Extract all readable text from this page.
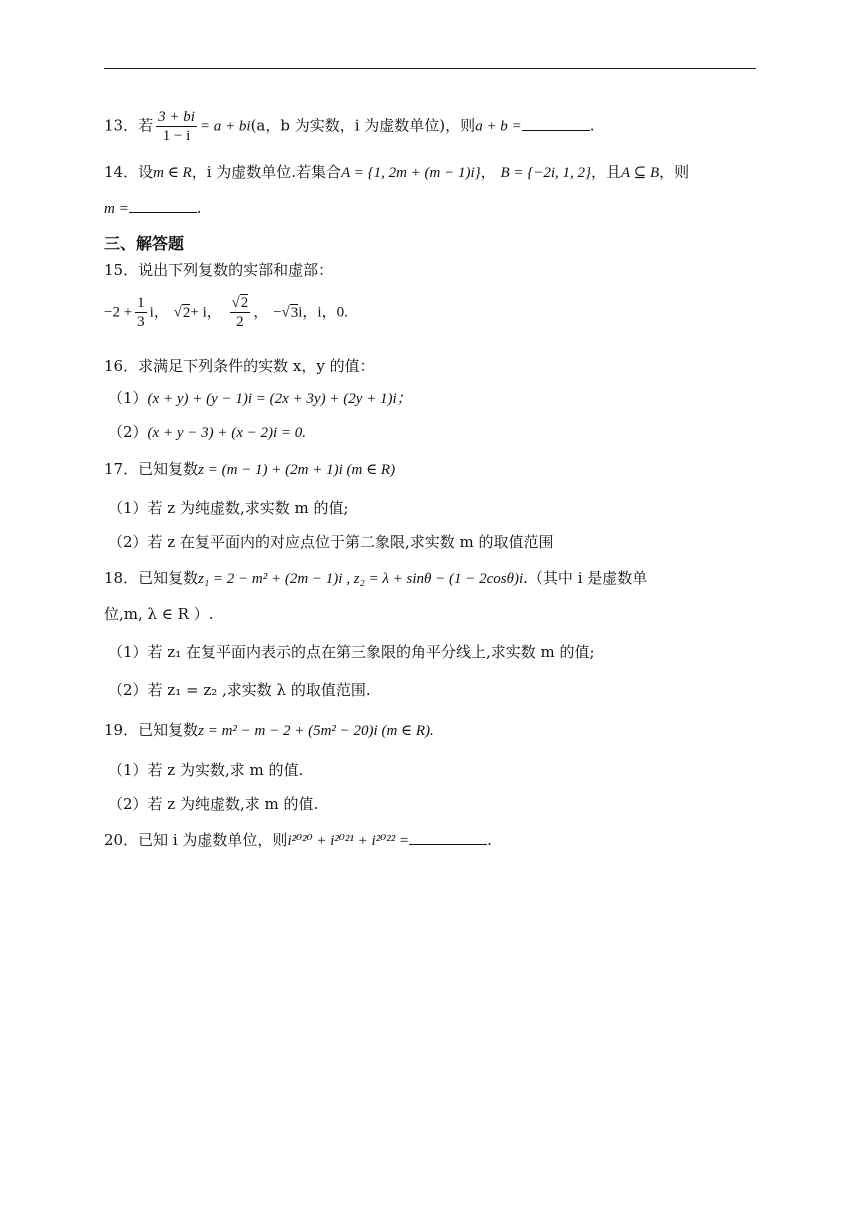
13．若 $\frac{3 + bi}{1 - i} = a + bi(a$，b 为实数，i 为虚数单位)，则a + b =	.
14．设m ∈ R，i 为虚数单位.若集合A = {1, 2m + (m − 1)i}， B = {−2i, 1, 2}，且A ⊆ B，则
m =	.
三、解答题
15．说出下列复数的实部和虚部：
$-2 + \frac{1}{3}$ i， √2+ i， $\frac{√2}{2}$ ， −√3i，i，0.
16．求满足下列条件的实数 x，y 的值：
（1）(x + y) + (y − 1)i = (2x + 3y) + (2y + 1)i；
（2）(x + y − 3) + (x − 2)i = 0.
17．已知复数z = (m − 1) + (2m + 1)i (m ∈ R)
（1）若 z 为纯虚数,求实数 m 的值;
（2）若 z 在复平面内的对应点位于第二象限,求实数 m 的取值范围
18．已知复数z₁ = 2 − m² + (2m − 1)i , z₂ = λ + sinθ − (1 − 2cosθ)i.（其中 i 是虚数单
位,m, λ ∈ R ）.
（1）若 z₁ 在复平面内表示的点在第三象限的角平分线上,求实数 m 的值;
（2）若 z₁ = z₂ ,求实数 λ 的取值范围.
19．已知复数z = m² − m − 2 + (5m² − 20)i (m ∈ R).
（1）若 z 为实数,求 m 的值.
（2）若 z 为纯虚数,求 m 的值.
20．已知 i 为虚数单位，则i²⁰²⁰ + i²⁰²¹ + i²⁰²² =	.
